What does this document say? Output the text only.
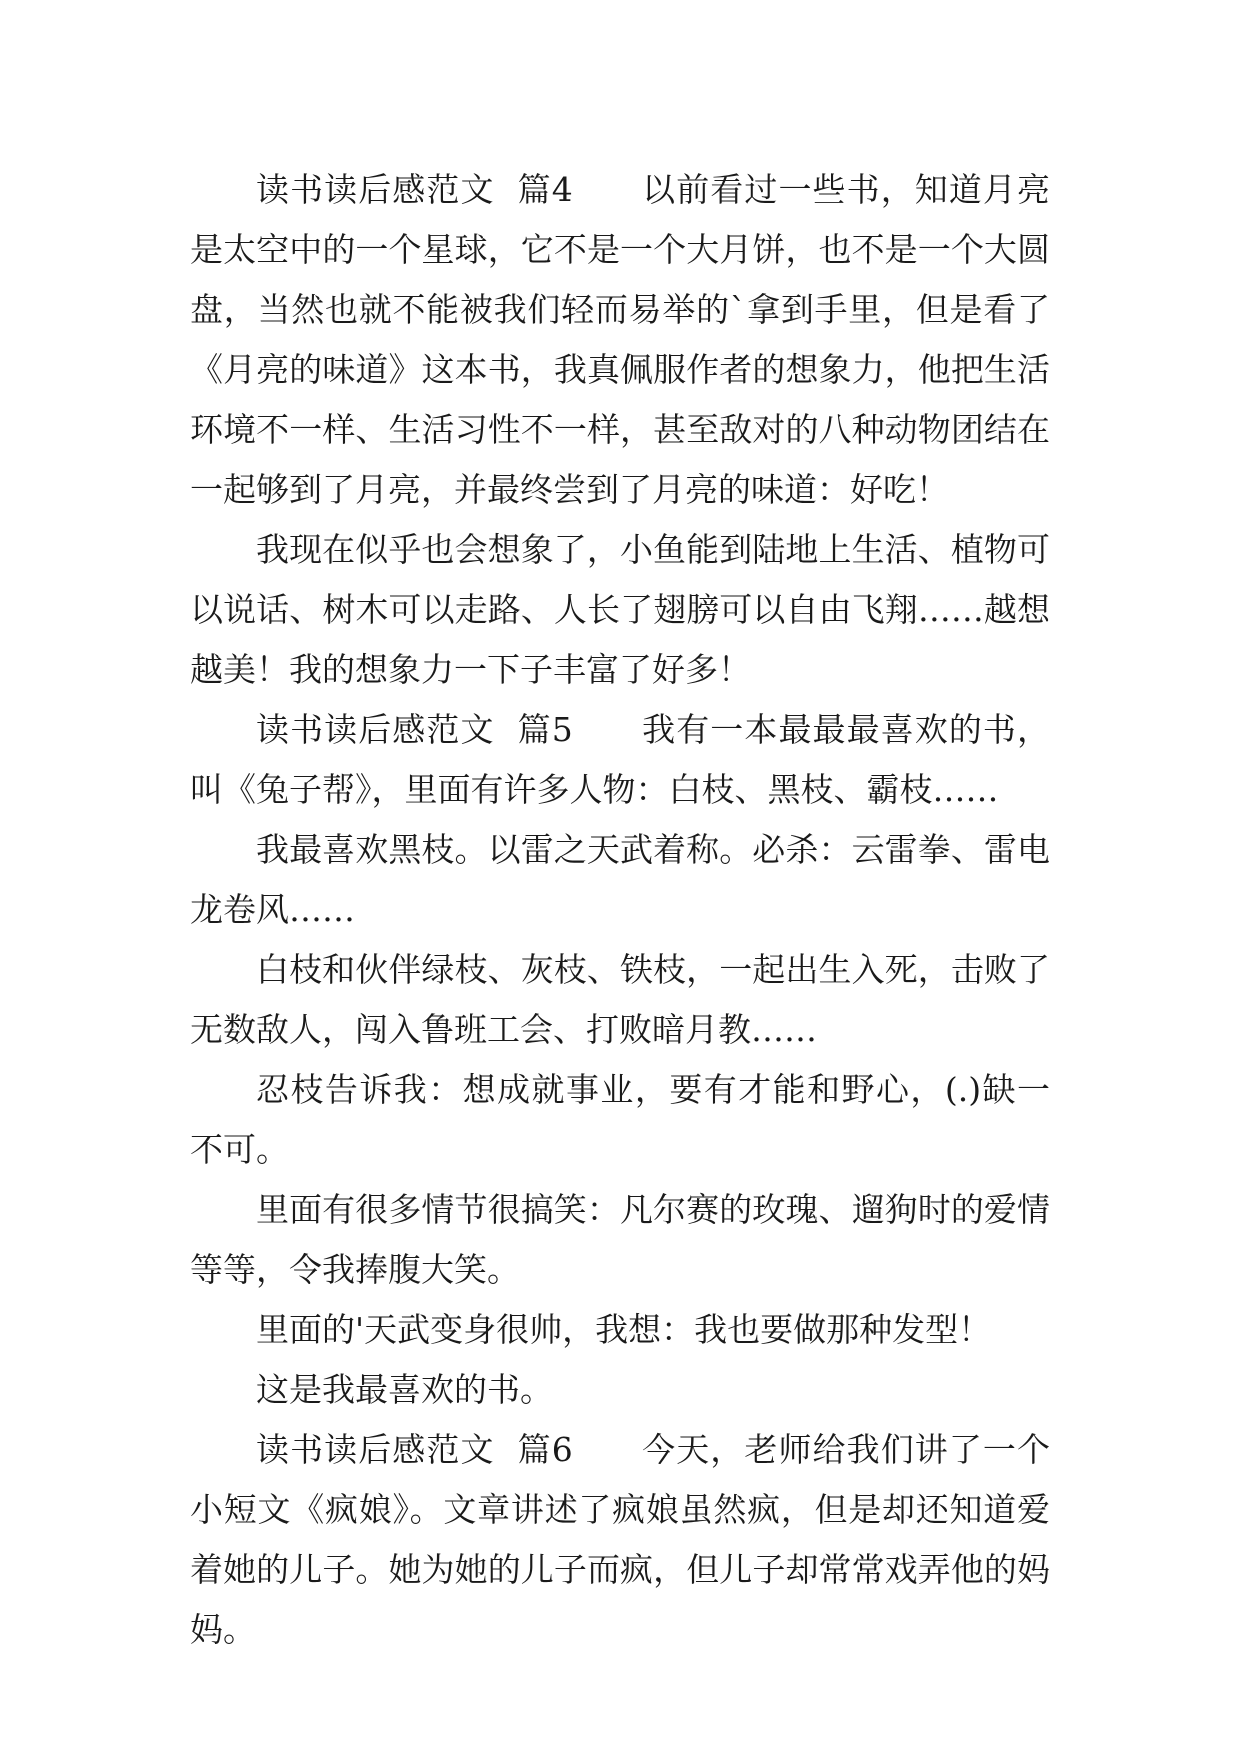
读书读后感范文  篇4      以前看过一些书，知道月亮是太空中的一个星球，它不是一个大月饼，也不是一个大圆盘，当然也就不能被我们轻而易举的`拿到手里，但是看了《月亮的味道》这本书，我真佩服作者的想象力，他把生活环境不一样、生活习性不一样，甚至敌对的八种动物团结在一起够到了月亮，并最终尝到了月亮的味道：好吃！

我现在似乎也会想象了，小鱼能到陆地上生活、植物可以说话、树木可以走路、人长了翅膀可以自由飞翔……越想越美！我的想象力一下子丰富了好多！

读书读后感范文  篇5      我有一本最最最喜欢的书，叫《兔子帮》，里面有许多人物：白枝、黑枝、霸枝……

我最喜欢黑枝。以雷之天武着称。必杀：云雷拳、雷电龙卷风……

白枝和伙伴绿枝、灰枝、铁枝，一起出生入死，击败了无数敌人，闯入鲁班工会、打败暗月教……

忍枝告诉我：想成就事业，要有才能和野心，(.)缺一不可。

里面有很多情节很搞笑：凡尔赛的玫瑰、遛狗时的爱情等等，令我捧腹大笑。

里面的'天武变身很帅，我想：我也要做那种发型！

这是我最喜欢的书。

读书读后感范文  篇6      今天，老师给我们讲了一个小短文《疯娘》。文章讲述了疯娘虽然疯，但是却还知道爱着她的儿子。她为她的儿子而疯，但儿子却常常戏弄他的妈妈。
